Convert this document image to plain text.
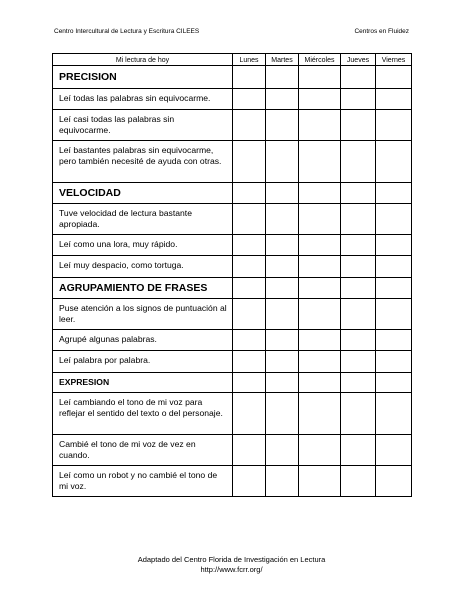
Centro Intercultural de Lectura y Escritura CILEES	Centros en Fluidez
Mi lectura de hoy	Lunes	Martes	Miércoles	Jueves	Viernes
PRECISION					
Leí todas las palabras sin equivocarme.					
Leí casi todas las palabras sin equivocarme.					
Leí bastantes palabras sin equivocarme, pero también necesité de ayuda con otras.					
VELOCIDAD					
Tuve velocidad de lectura bastante apropiada.					
Leí como una lora, muy rápido.					
Leí muy despacio, como tortuga.					
AGRUPAMIENTO DE FRASES					
Puse atención a los signos de puntuación al leer.					
Agrupé algunas palabras.					
Leí palabra por palabra.					
EXPRESION					
Leí cambiando el tono de mi voz para reflejar el sentido del texto o del personaje.					
Cambié el tono de mi voz de vez en cuando.					
Leí como un robot y no cambié el tono de mi voz.					
Adaptado del Centro Florida de Investigación en Lectura
http://www.fcrr.org/
